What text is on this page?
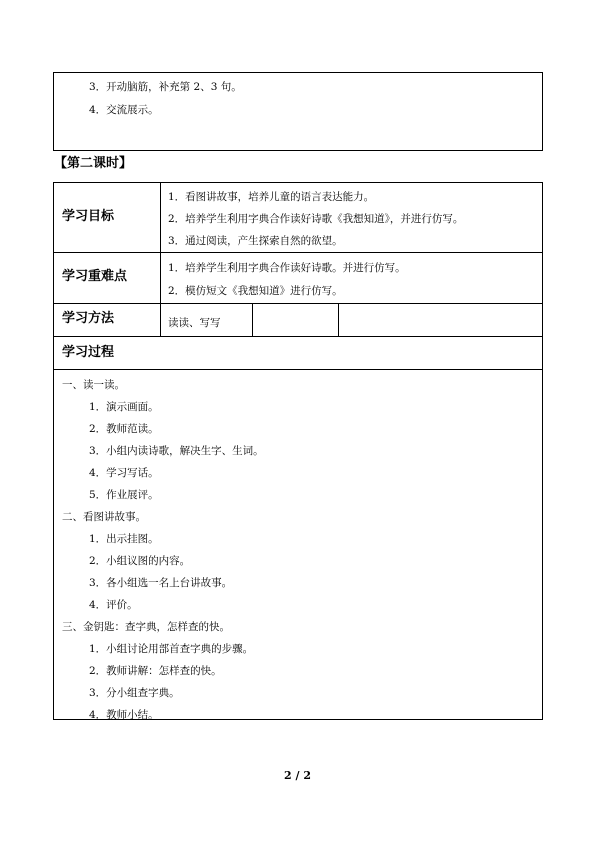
3．开动脑筋，补充第 2、3 句。
4．交流展示。
【第二课时】
学习目标
1．看图讲故事，培养儿童的语言表达能力。
2．培养学生利用字典合作读好诗歌《我想知道》，并进行仿写。
3．通过阅读，产生探索自然的欲望。
学习重难点
1．培养学生利用字典合作读好诗歌。并进行仿写。
2．模仿短文《我想知道》进行仿写。
学习方法	读读、写写
学习过程
一、读一读。
1．演示画面。
2．教师范读。
3．小组内读诗歌，解决生字、生词。
4．学习写话。
5．作业展评。
二、看图讲故事。
1．出示挂图。
2．小组议图的内容。
3．各小组选一名上台讲故事。
4．评价。
三、金钥匙：查字典，怎样查的快。
1．小组讨论用部首查字典的步骤。
2．教师讲解：怎样查的快。
3．分小组查字典。
4．教师小结。
2 / 2
